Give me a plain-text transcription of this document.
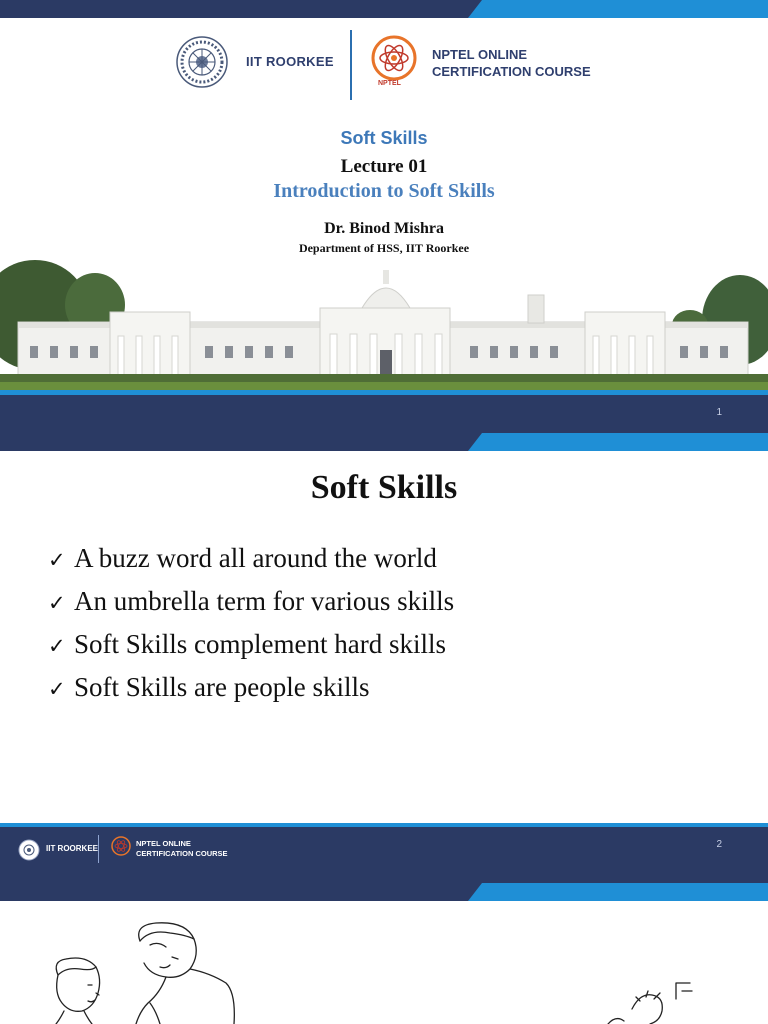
IIT ROORKEE
NPTEL
NPTEL ONLINE
CERTIFICATION COURSE
Soft Skills
Lecture 01
Introduction to Soft Skills
Dr. Binod Mishra
Department of HSS, IIT Roorkee
1
Soft Skills
✓ A buzz word all around the world
✓ An umbrella term for various skills
✓ Soft Skills complement hard skills
✓ Soft Skills are people skills
IIT ROORKEE
NPTEL ONLINE
CERTIFICATION COURSE
2
